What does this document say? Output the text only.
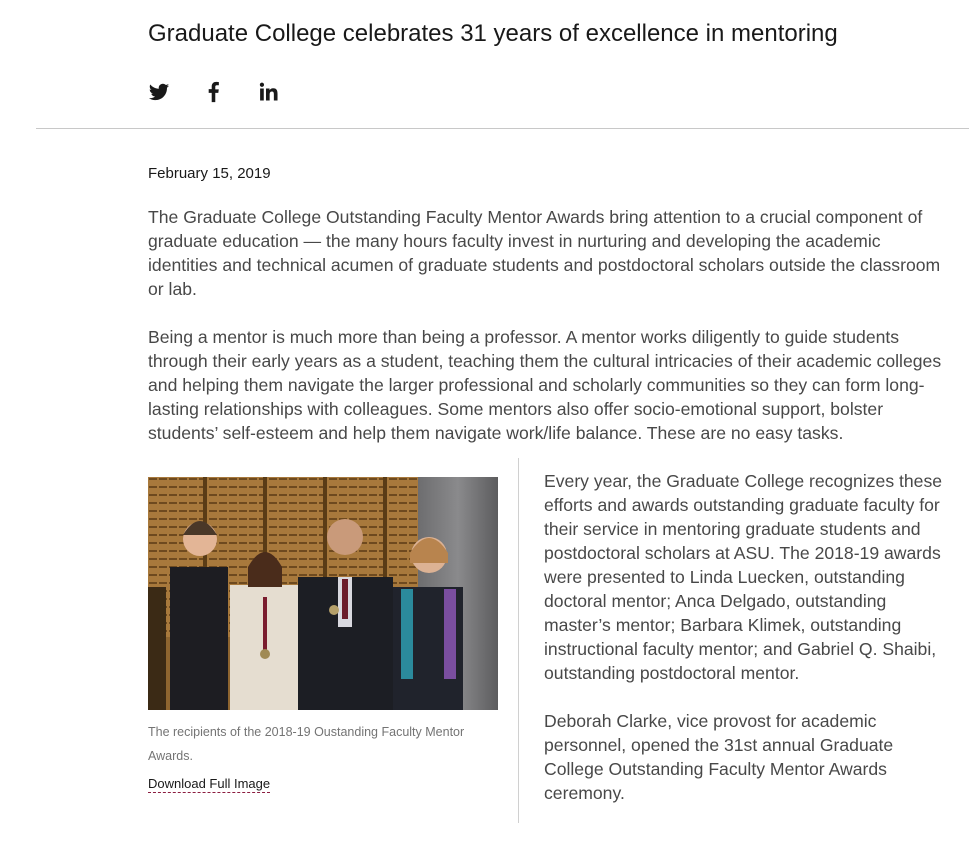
Graduate College celebrates 31 years of excellence in mentoring
February 15, 2019

The Graduate College Outstanding Faculty Mentor Awards bring attention to a crucial component of graduate education — the many hours faculty invest in nurturing and developing the academic identities and technical acumen of graduate students and postdoctoral scholars outside the classroom or lab.

Being a mentor is much more than being a professor. A mentor works diligently to guide students through their early years as a student, teaching them the cultural intricacies of their academic colleges and helping them navigate the larger professional and scholarly communities so they can form long-lasting relationships with colleagues. Some mentors also offer socio-emotional support, bolster students’ self-esteem and help them navigate work/life balance. These are no easy tasks.

The recipients of the 2018-19 Oustanding Faculty Mentor Awards.

Download Full Image

Every year, the Graduate College recognizes these efforts and awards outstanding graduate faculty for their service in mentoring graduate students and postdoctoral scholars at ASU. The 2018-19 awards were presented to Linda Luecken, outstanding doctoral mentor; Anca Delgado, outstanding master’s mentor; Barbara Klimek, outstanding instructional faculty mentor; and Gabriel Q. Shaibi, outstanding postdoctoral mentor.

Deborah Clarke, vice provost for academic personnel, opened the 31st annual Graduate College Outstanding Faculty Mentor Awards ceremony.
